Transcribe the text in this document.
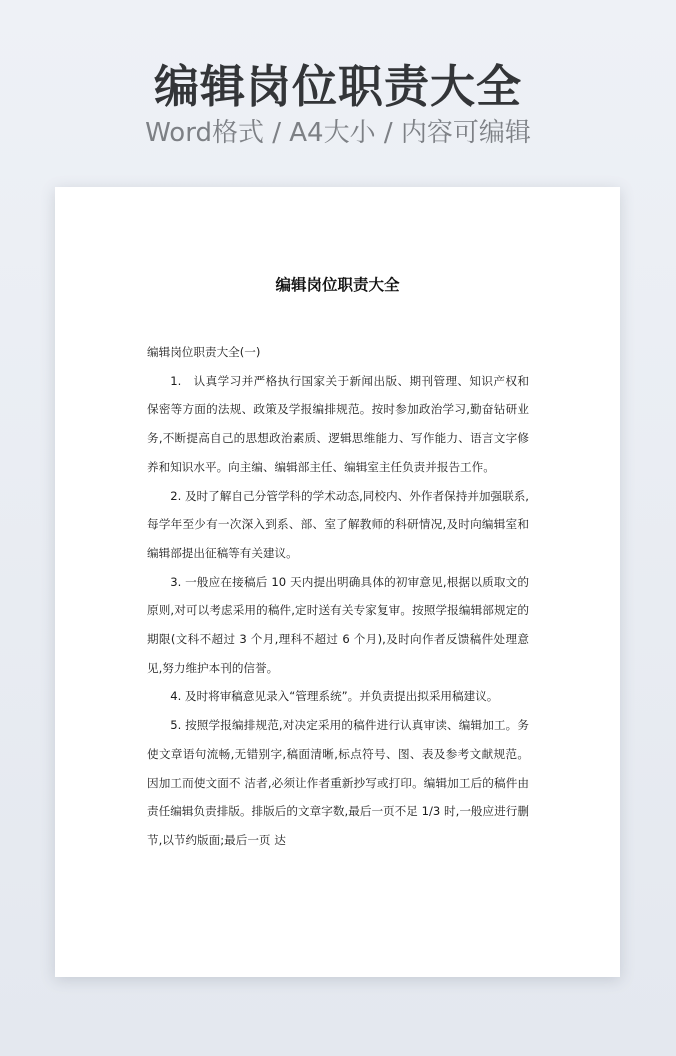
编辑岗位职责大全
Word格式 / A4大小 / 内容可编辑
编辑岗位职责大全

编辑岗位职责大全(一)

1.　认真学习并严格执行国家关于新闻出版、期刊管理、知识产权和保密等方面的法规、政策及学报编排规范。按时参加政治学习,勤奋钻研业务,不断提高自己的思想政治素质、逻辑思维能力、写作能力、语言文字修养和知识水平。向主编、编辑部主任、编辑室主任负责并报告工作。

2. 及时了解自己分管学科的学术动态,同校内、外作者保持并加强联系,每学年至少有一次深入到系、部、室了解教师的科研情况,及时向编辑室和编辑部提出征稿等有关建议。

3. 一般应在接稿后 10 天内提出明确具体的初审意见,根据以质取文的原则,对可以考虑采用的稿件,定时送有关专家复审。按照学报编辑部规定的期限(文科不超过 3 个月,理科不超过 6 个月),及时向作者反馈稿件处理意见,努力维护本刊的信誉。

4. 及时将审稿意见录入“管理系统”。并负责提出拟采用稿建议。

5. 按照学报编排规范,对决定采用的稿件进行认真审读、编辑加工。务使文章语句流畅,无错别字,稿面清晰,标点符号、图、表及参考文献规范。因加工而使文面不 洁者,必须让作者重新抄写或打印。编辑加工后的稿件由责任编辑负责排版。排版后的文章字数,最后一页不足 1/3 时,一般应进行删节,以节约版面;最后一页 达
